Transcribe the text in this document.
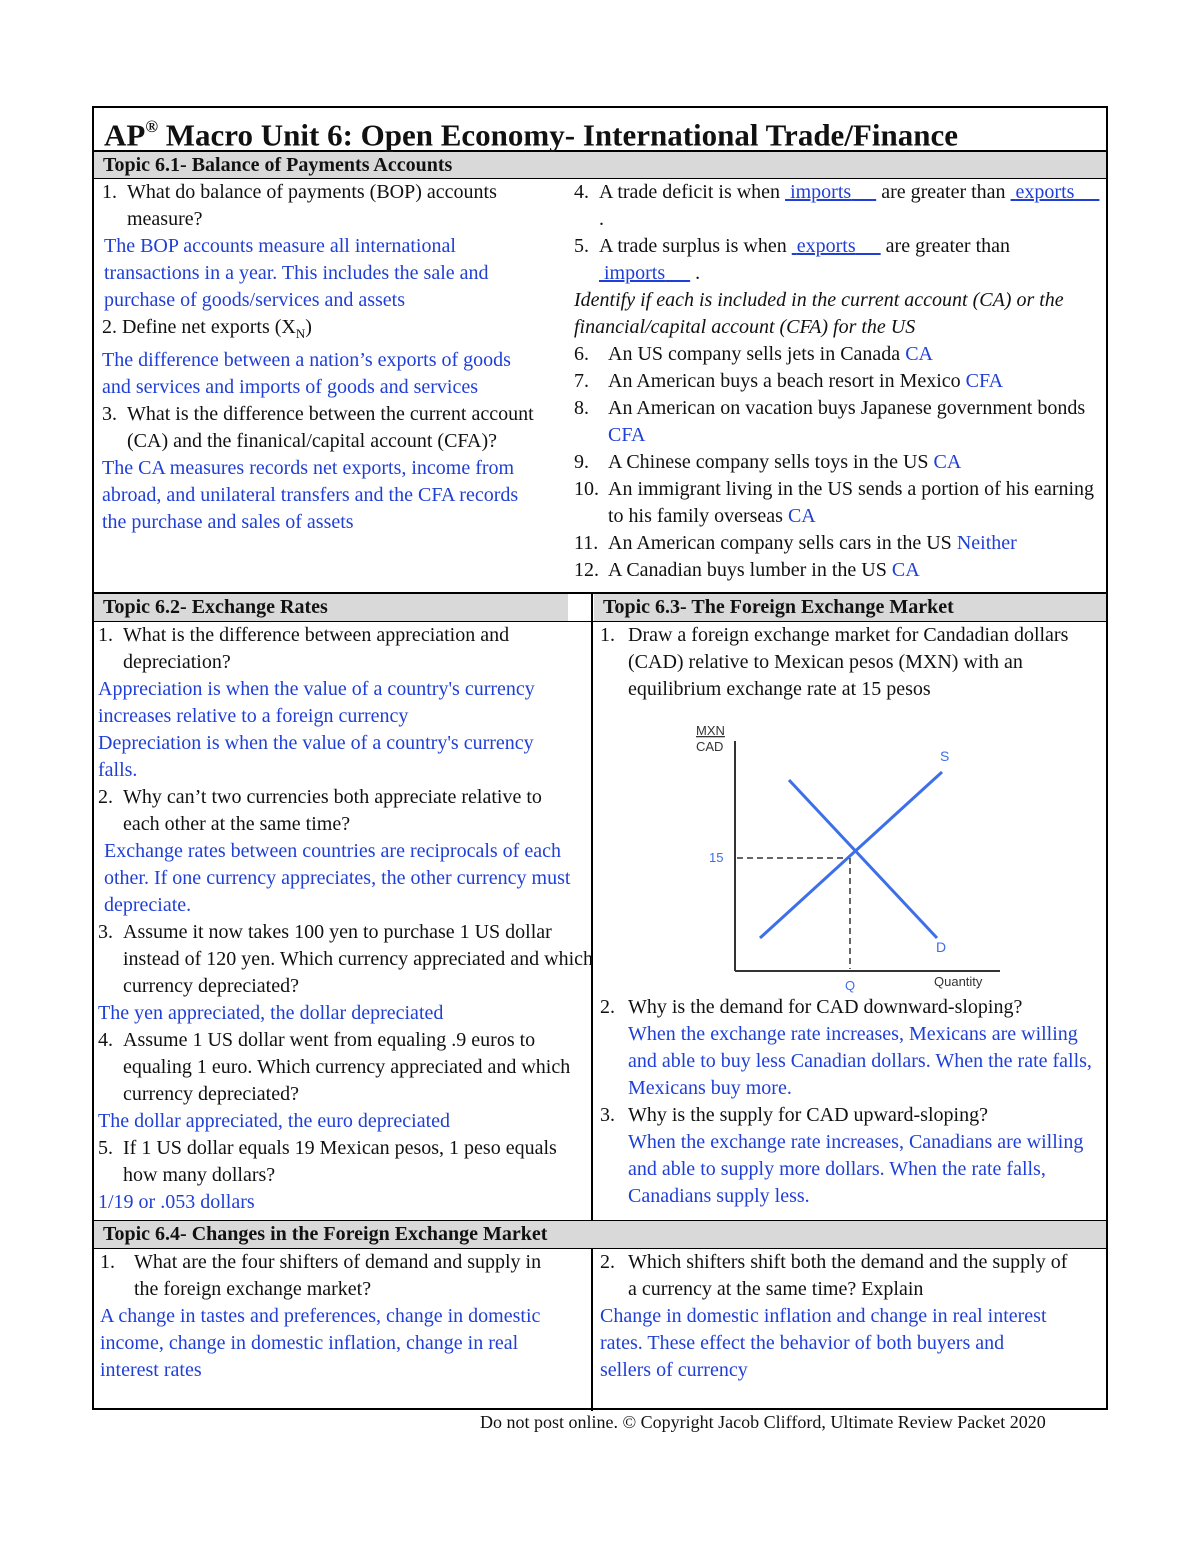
AP® Macro Unit 6: Open Economy- International Trade/Finance
Topic 6.1- Balance of Payments Accounts
1. What do balance of payments (BOP) accounts measure?
The BOP accounts measure all international transactions in a year. This includes the sale and purchase of goods/services and assets
2. Define net exports $(X_N)$
The difference between a nation’s exports of goods and services and imports of goods and services
3. What is the difference between the current account (CA) and the finanical/capital account (CFA)?
The CA measures records net exports, income from abroad, and unilateral transfers and the CFA records the purchase and sales of assets
4. A trade deficit is when  imports      are greater than  exports      .
5. A trade surplus is when  exports      are greater than  imports .
Identify if each is included in the current account (CA) or the financial/capital account (CFA) for the US
6. An US company sells jets in Canada CA
7. An American buys a beach resort in Mexico CFA
8. An American on vacation buys Japanese government bonds CFA
9. A Chinese company sells toys in the US CA
10. An immigrant living in the US sends a portion of his earning to his family overseas CA
11. An American company sells cars in the US Neither
12. A Canadian buys lumber in the US CA
Topic 6.2- Exchange Rates	Topic 6.3- The Foreign Exchange Market
1. What is the difference between appreciation and depreciation?
Appreciation is when the value of a country's currency increases relative to a foreign currency
Depreciation is when the value of a country's currency falls.
2. Why can’t two currencies both appreciate relative to each other at the same time?
Exchange rates between countries are reciprocals of each other. If one currency appreciates, the other currency must depreciate.
3. Assume it now takes 100 yen to purchase 1 US dollar instead of 120 yen. Which currency appreciated and which currency depreciated?
The yen appreciated, the dollar depreciated
4. Assume 1 US dollar went from equaling .9 euros to equaling 1 euro. Which currency appreciated and which currency depreciated?
The dollar appreciated, the euro depreciated
5. If 1 US dollar equals 19 Mexican pesos, 1 peso equals how many dollars?
1/19 or .053 dollars
1. Draw a foreign exchange market for Candadian dollars (CAD) relative to Mexican pesos (MXN) with an equilibrium exchange rate at 15 pesos
MXN
CAD
Quantity
15
Q
S
D
2. Why is the demand for CAD downward-sloping?
When the exchange rate increases, Mexicans are willing and able to buy less Canadian dollars. When the rate falls, Mexicans buy more.
3. Why is the supply for CAD upward-sloping?
When the exchange rate increases, Canadians are willing and able to supply more dollars. When the rate falls, Canadians supply less.
Topic 6.4- Changes in the Foreign Exchange Market
1. What are the four shifters of demand and supply in the foreign exchange market?
A change in tastes and preferences, change in domestic income, change in domestic inflation, change in real interest rates
2. Which shifters shift both the demand and the supply of a currency at the same time? Explain
Change in domestic inflation and change in real interest rates. These effect the behavior of both buyers and sellers of currency
Do not post online. © Copyright Jacob Clifford, Ultimate Review Packet 2020
